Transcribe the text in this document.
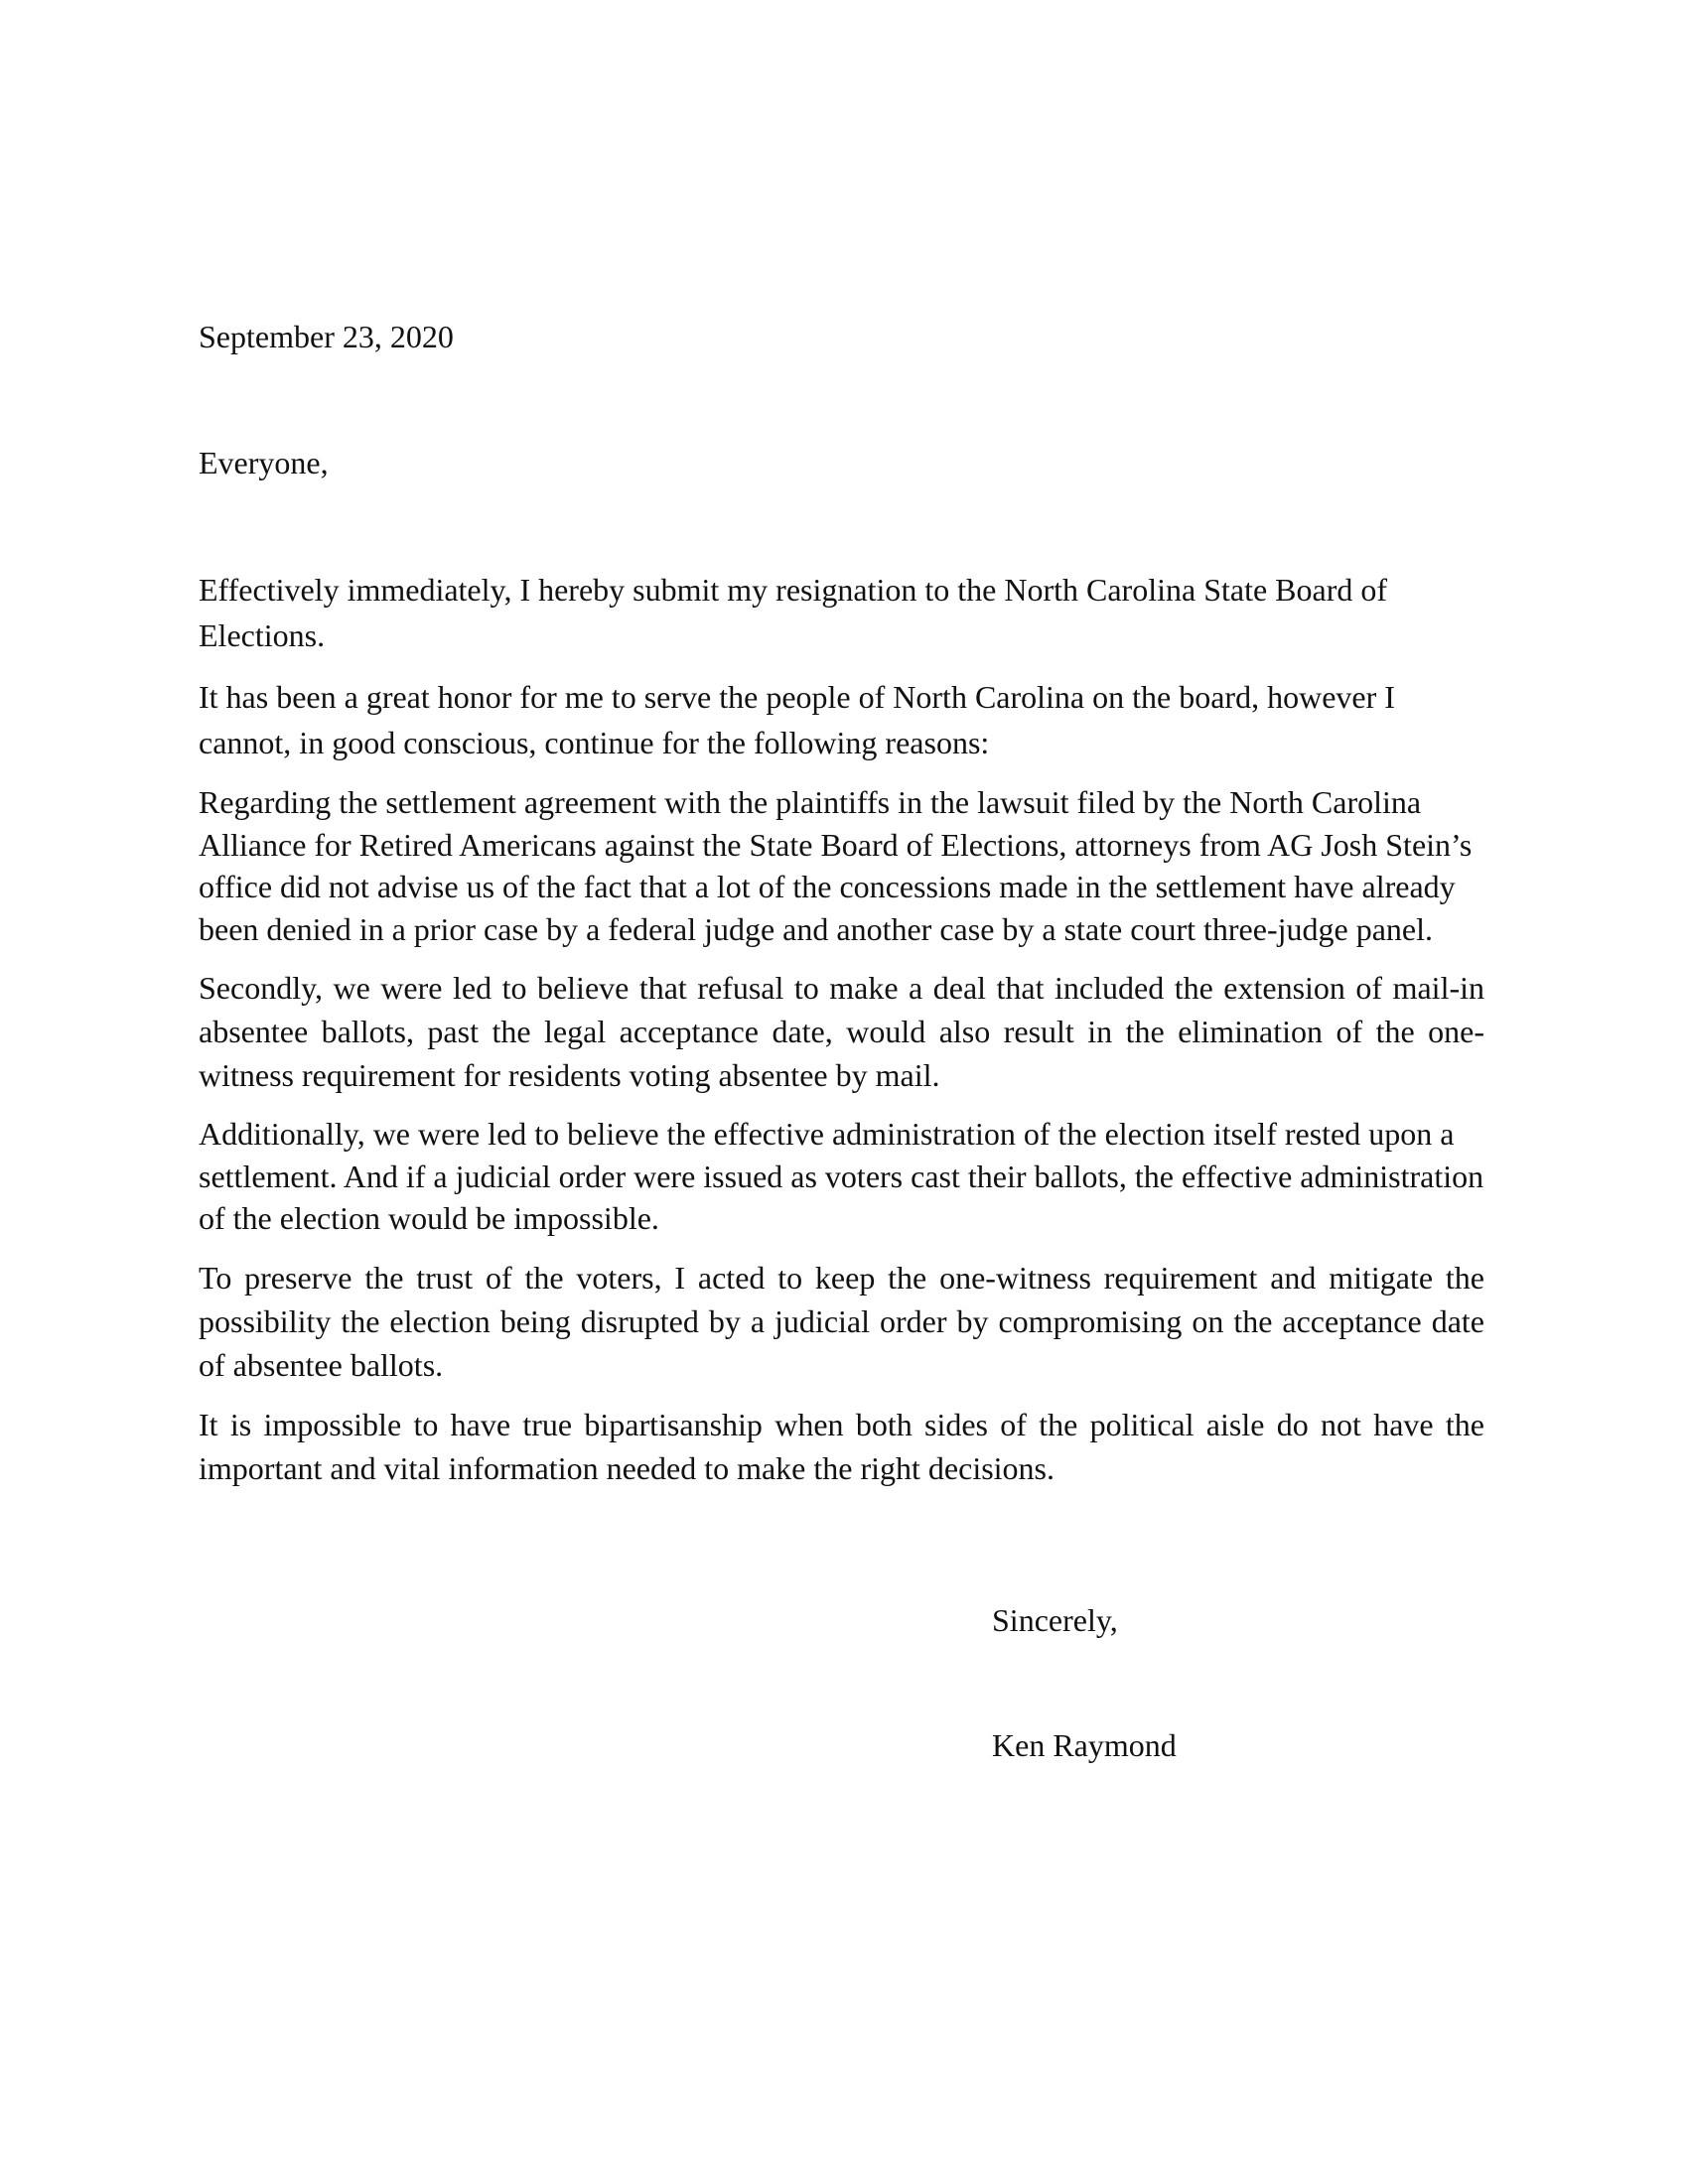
September 23, 2020
Everyone,

Effectively immediately, I hereby submit my resignation to the North Carolina State Board of Elections.

It has been a great honor for me to serve the people of North Carolina on the board, however I cannot, in good conscious, continue for the following reasons:

Regarding the settlement agreement with the plaintiffs in the lawsuit filed by the North Carolina Alliance for Retired Americans against the State Board of Elections, attorneys from AG Josh Stein’s office did not advise us of the fact that a lot of the concessions made in the settlement have already been denied in a prior case by a federal judge and another case by a state court three-judge panel.

Secondly, we were led to believe that refusal to make a deal that included the extension of mail-in absentee ballots, past the legal acceptance date, would also result in the elimination of the one-witness requirement for residents voting absentee by mail.

Additionally, we were led to believe the effective administration of the election itself rested upon a settlement. And if a judicial order were issued as voters cast their ballots, the effective administration of the election would be impossible.

To preserve the trust of the voters, I acted to keep the one-witness requirement and mitigate the possibility the election being disrupted by a judicial order by compromising on the acceptance date of absentee ballots.

It is impossible to have true bipartisanship when both sides of the political aisle do not have the important and vital information needed to make the right decisions.

Sincerely,
Ken Raymond
